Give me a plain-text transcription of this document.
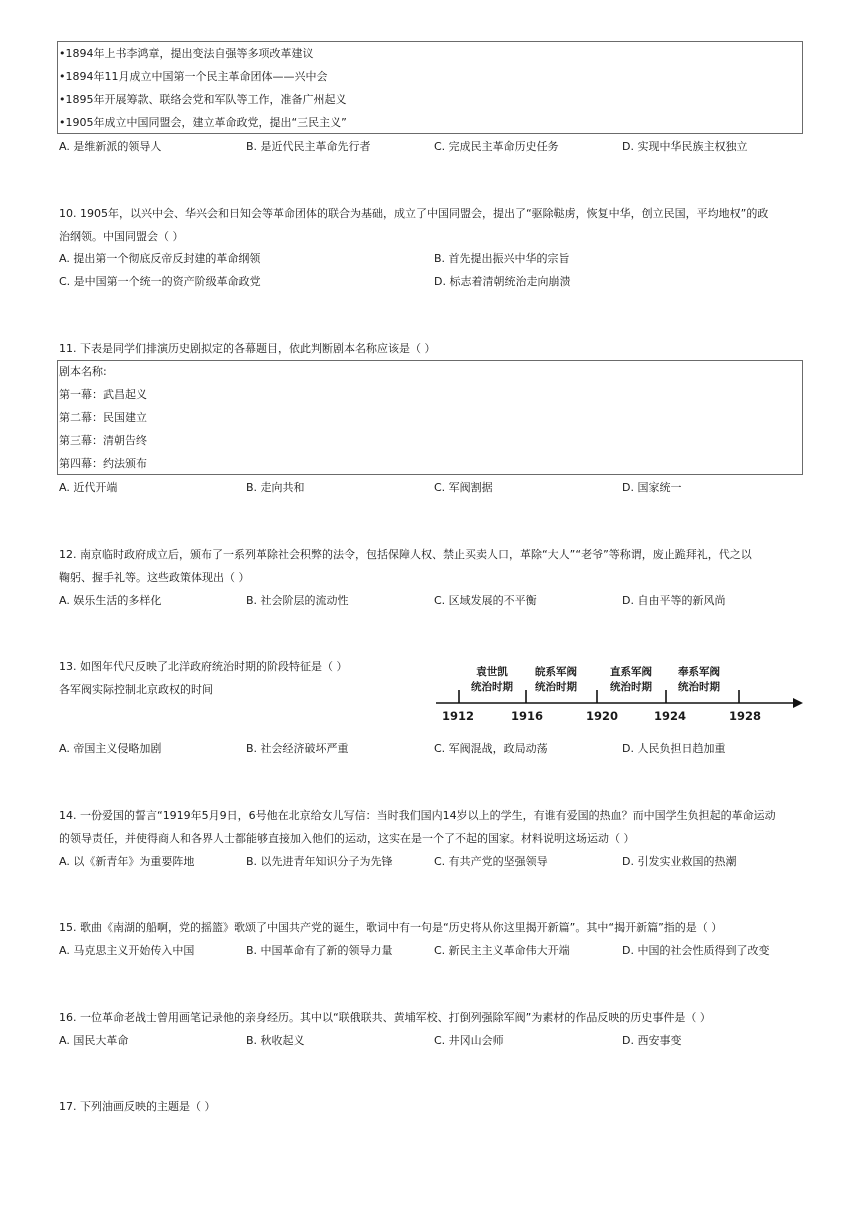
•1894年上书李鸿章，提出变法自强等多项改革建议
•1894年11月成立中国第一个民主革命团体——兴中会
•1895年开展筹款、联络会党和军队等工作，准备广州起义
•1905年成立中国同盟会，建立革命政党，提出“三民主义”
A. 是维新派的领导人	B. 是近代民主革命先行者	C. 完成民主革命历史任务	D. 实现中华民族主权独立
10. 1905年，以兴中会、华兴会和日知会等革命团体的联合为基础，成立了中国同盟会，提出了“驱除鞑虏，恢复中华，创立民国，平均地权”的政
治纲领。中国同盟会（ ）
A. 提出第一个彻底反帝反封建的革命纲领	B. 首先提出振兴中华的宗旨
C. 是中国第一个统一的资产阶级革命政党	D. 标志着清朝统治走向崩溃
11. 下表是同学们排演历史剧拟定的各幕题目，依此判断剧本名称应该是（ ）
剧本名称:
第一幕：武昌起义
第二幕：民国建立
第三幕：清朝告终
第四幕：约法颁布
A. 近代开端	B. 走向共和	C. 军阀割据	D. 国家统一
12. 南京临时政府成立后，颁布了一系列革除社会积弊的法令，包括保障人权、禁止买卖人口，革除“大人”“老爷”等称谓，废止跪拜礼，代之以
鞠躬、握手礼等。这些政策体现出（ ）
A. 娱乐生活的多样化	B. 社会阶层的流动性	C. 区域发展的不平衡	D. 自由平等的新风尚
13. 如图年代尺反映了北洋政府统治时期的阶段特征是（ ）
各军阀实际控制北京政权的时间
袁世凯
统治时期
皖系军阀
统治时期
直系军阀
统治时期
奉系军阀
统治时期
1912	1916	1920	1924	1928
A. 帝国主义侵略加剧	B. 社会经济破坏严重	C. 军阀混战，政局动荡	D. 人民负担日趋加重
14. 一份爱国的誓言“1919年5月9日，6号他在北京给女儿写信：当时我们国内14岁以上的学生，有谁有爱国的热血？而中国学生负担起的革命运动
的领导责任，并使得商人和各界人士都能够直接加入他们的运动，这实在是一个了不起的国家。材料说明这场运动（ ）
A. 以《新青年》为重要阵地	B. 以先进青年知识分子为先锋	C. 有共产党的坚强领导	D. 引发实业救国的热潮
15. 歌曲《南湖的船啊，党的摇篮》歌颂了中国共产党的诞生，歌词中有一句是“历史将从你这里揭开新篇”。其中“揭开新篇”指的是（ ）
A. 马克思主义开始传入中国	B. 中国革命有了新的领导力量	C. 新民主主义革命伟大开端	D. 中国的社会性质得到了改变
16. 一位革命老战士曾用画笔记录他的亲身经历。其中以“联俄联共、黄埔军校、打倒列强除军阀”为素材的作品反映的历史事件是（ ）
A. 国民大革命	B. 秋收起义	C. 井冈山会师	D. 西安事变
17. 下列油画反映的主题是（ ）
